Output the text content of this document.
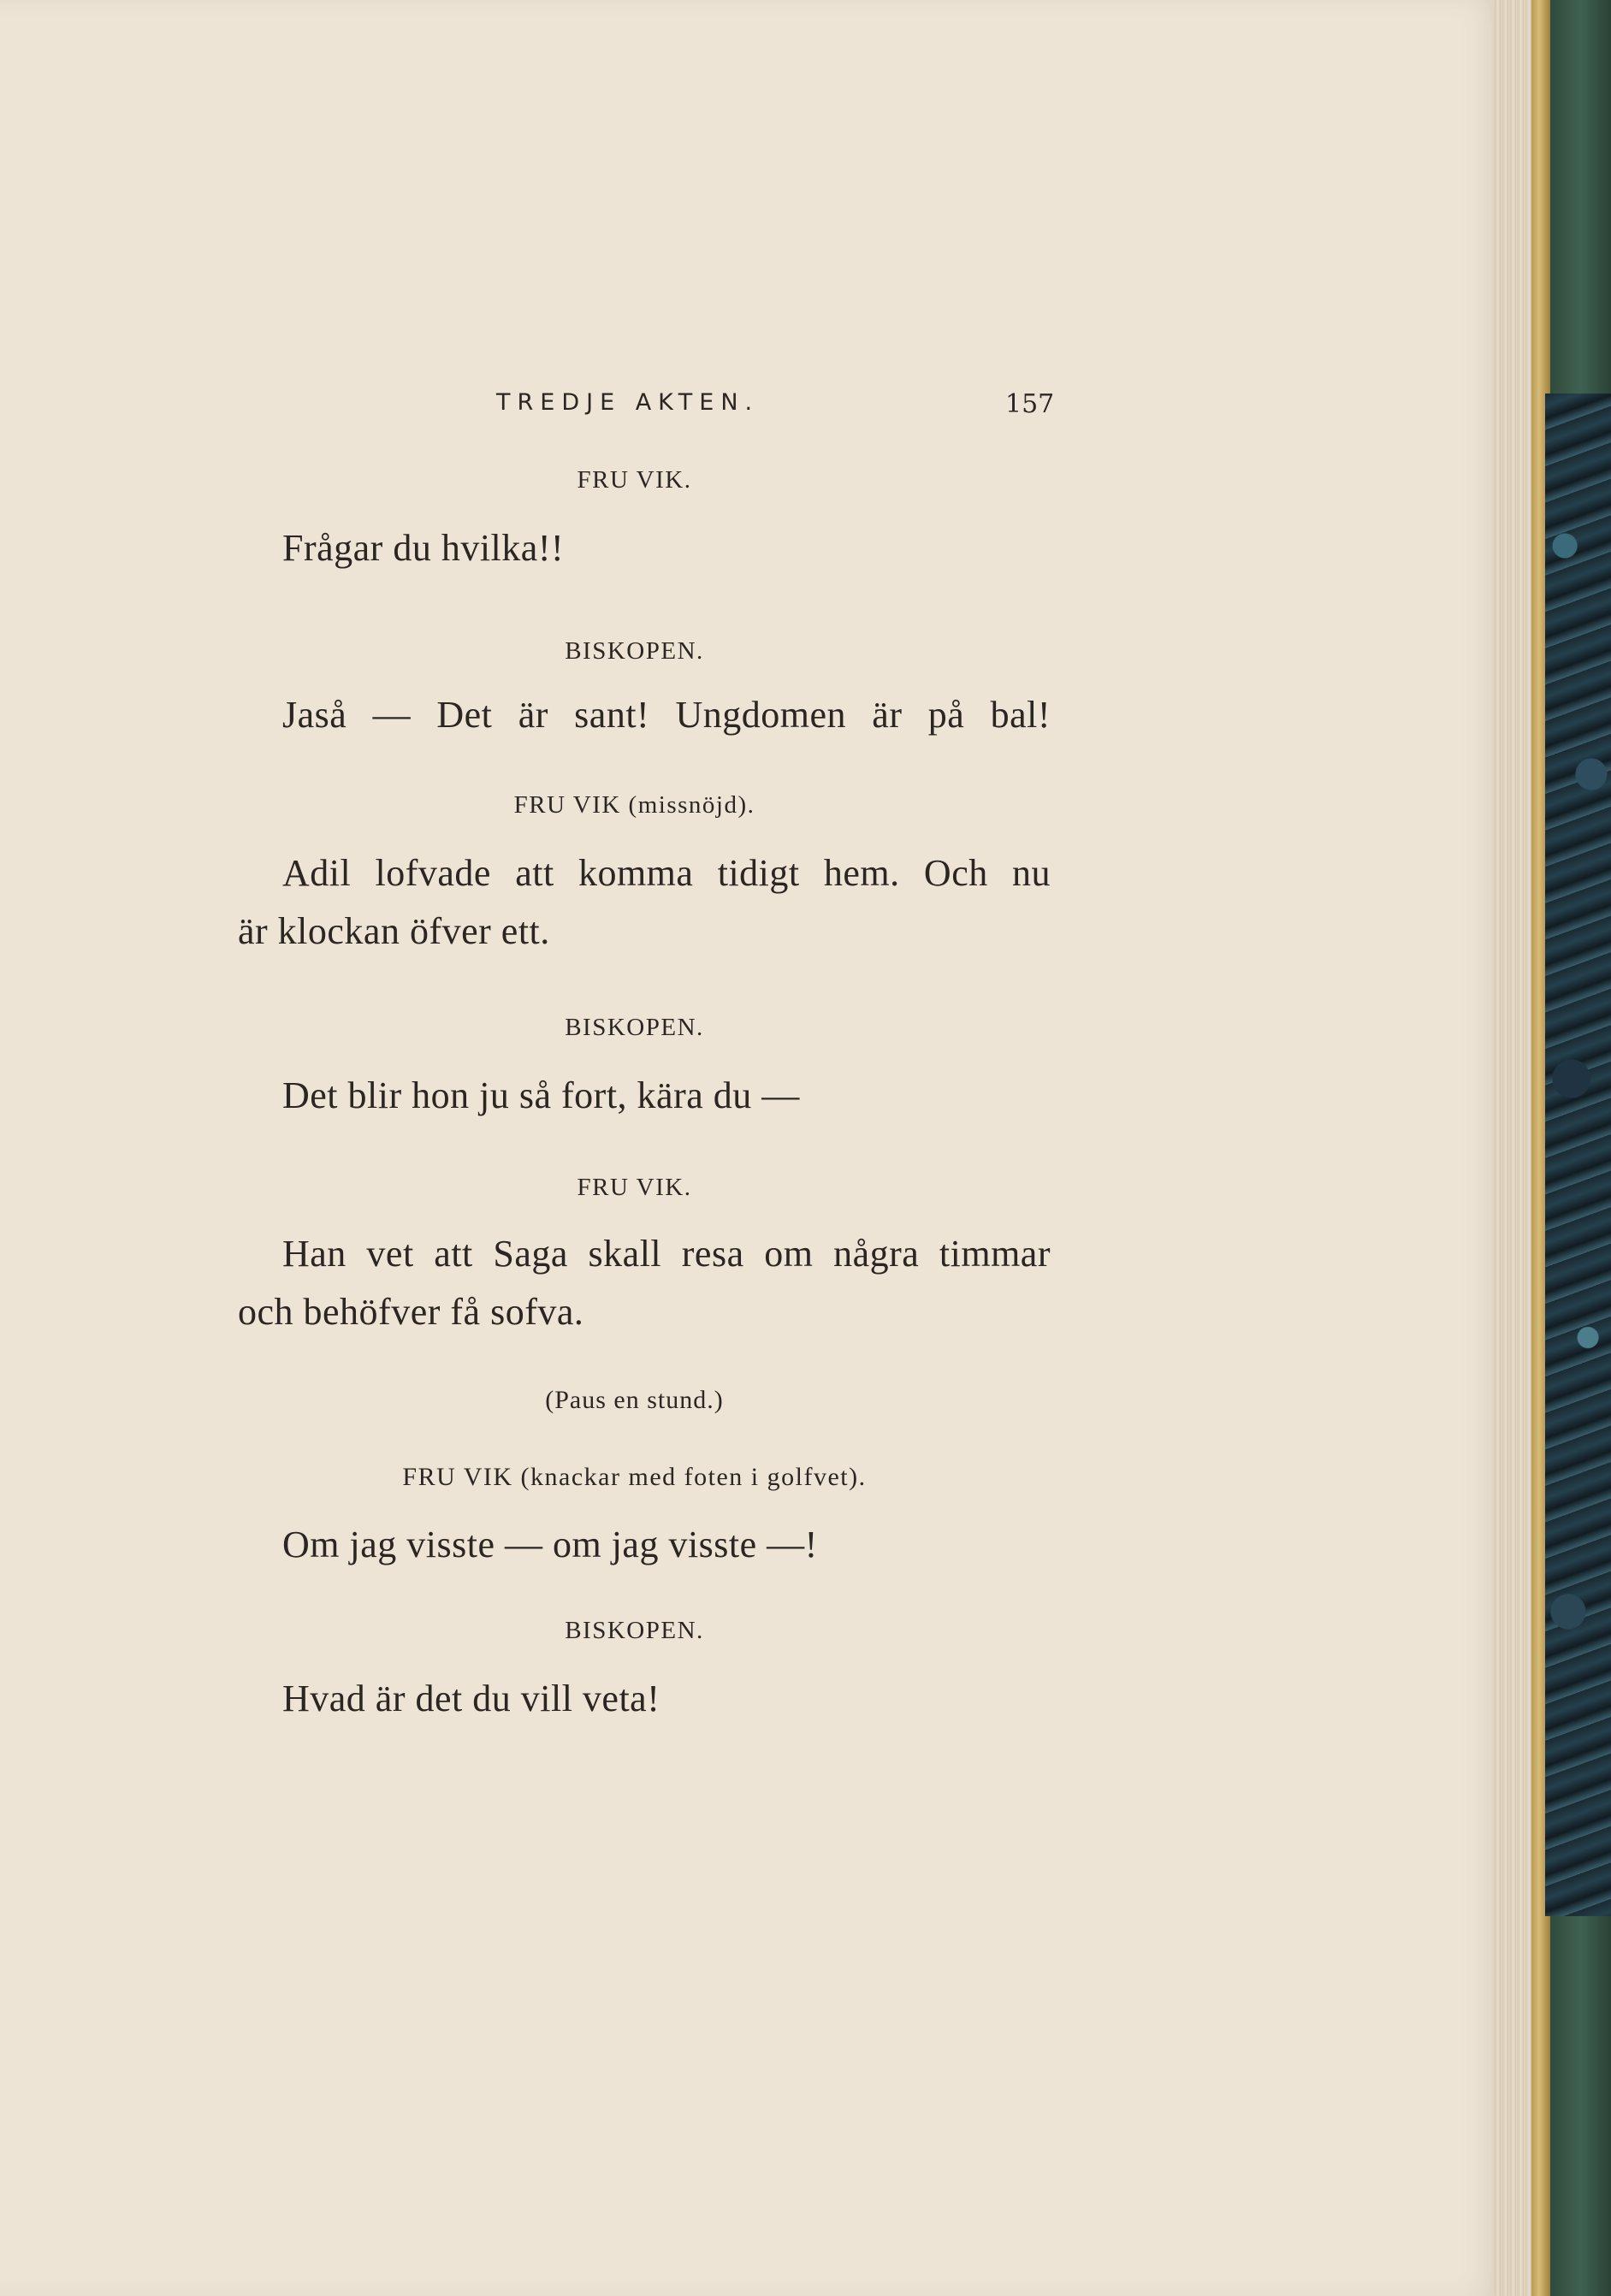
TREDJE AKTEN.	157
FRU VIK.
Frågar du hvilka!!
BISKOPEN.
Jaså — Det är sant! Ungdomen är på bal!
FRU VIK (missnöjd).
Adil lofvade att komma tidigt hem. Och nu
är klockan öfver ett.
BISKOPEN.
Det blir hon ju så fort, kära du —
FRU VIK.
Han vet att Saga skall resa om några timmar
och behöfver få sofva.
(Paus en stund.)
FRU VIK (knackar med foten i golfvet).
Om jag visste — om jag visste —!
BISKOPEN.
Hvad är det du vill veta!
